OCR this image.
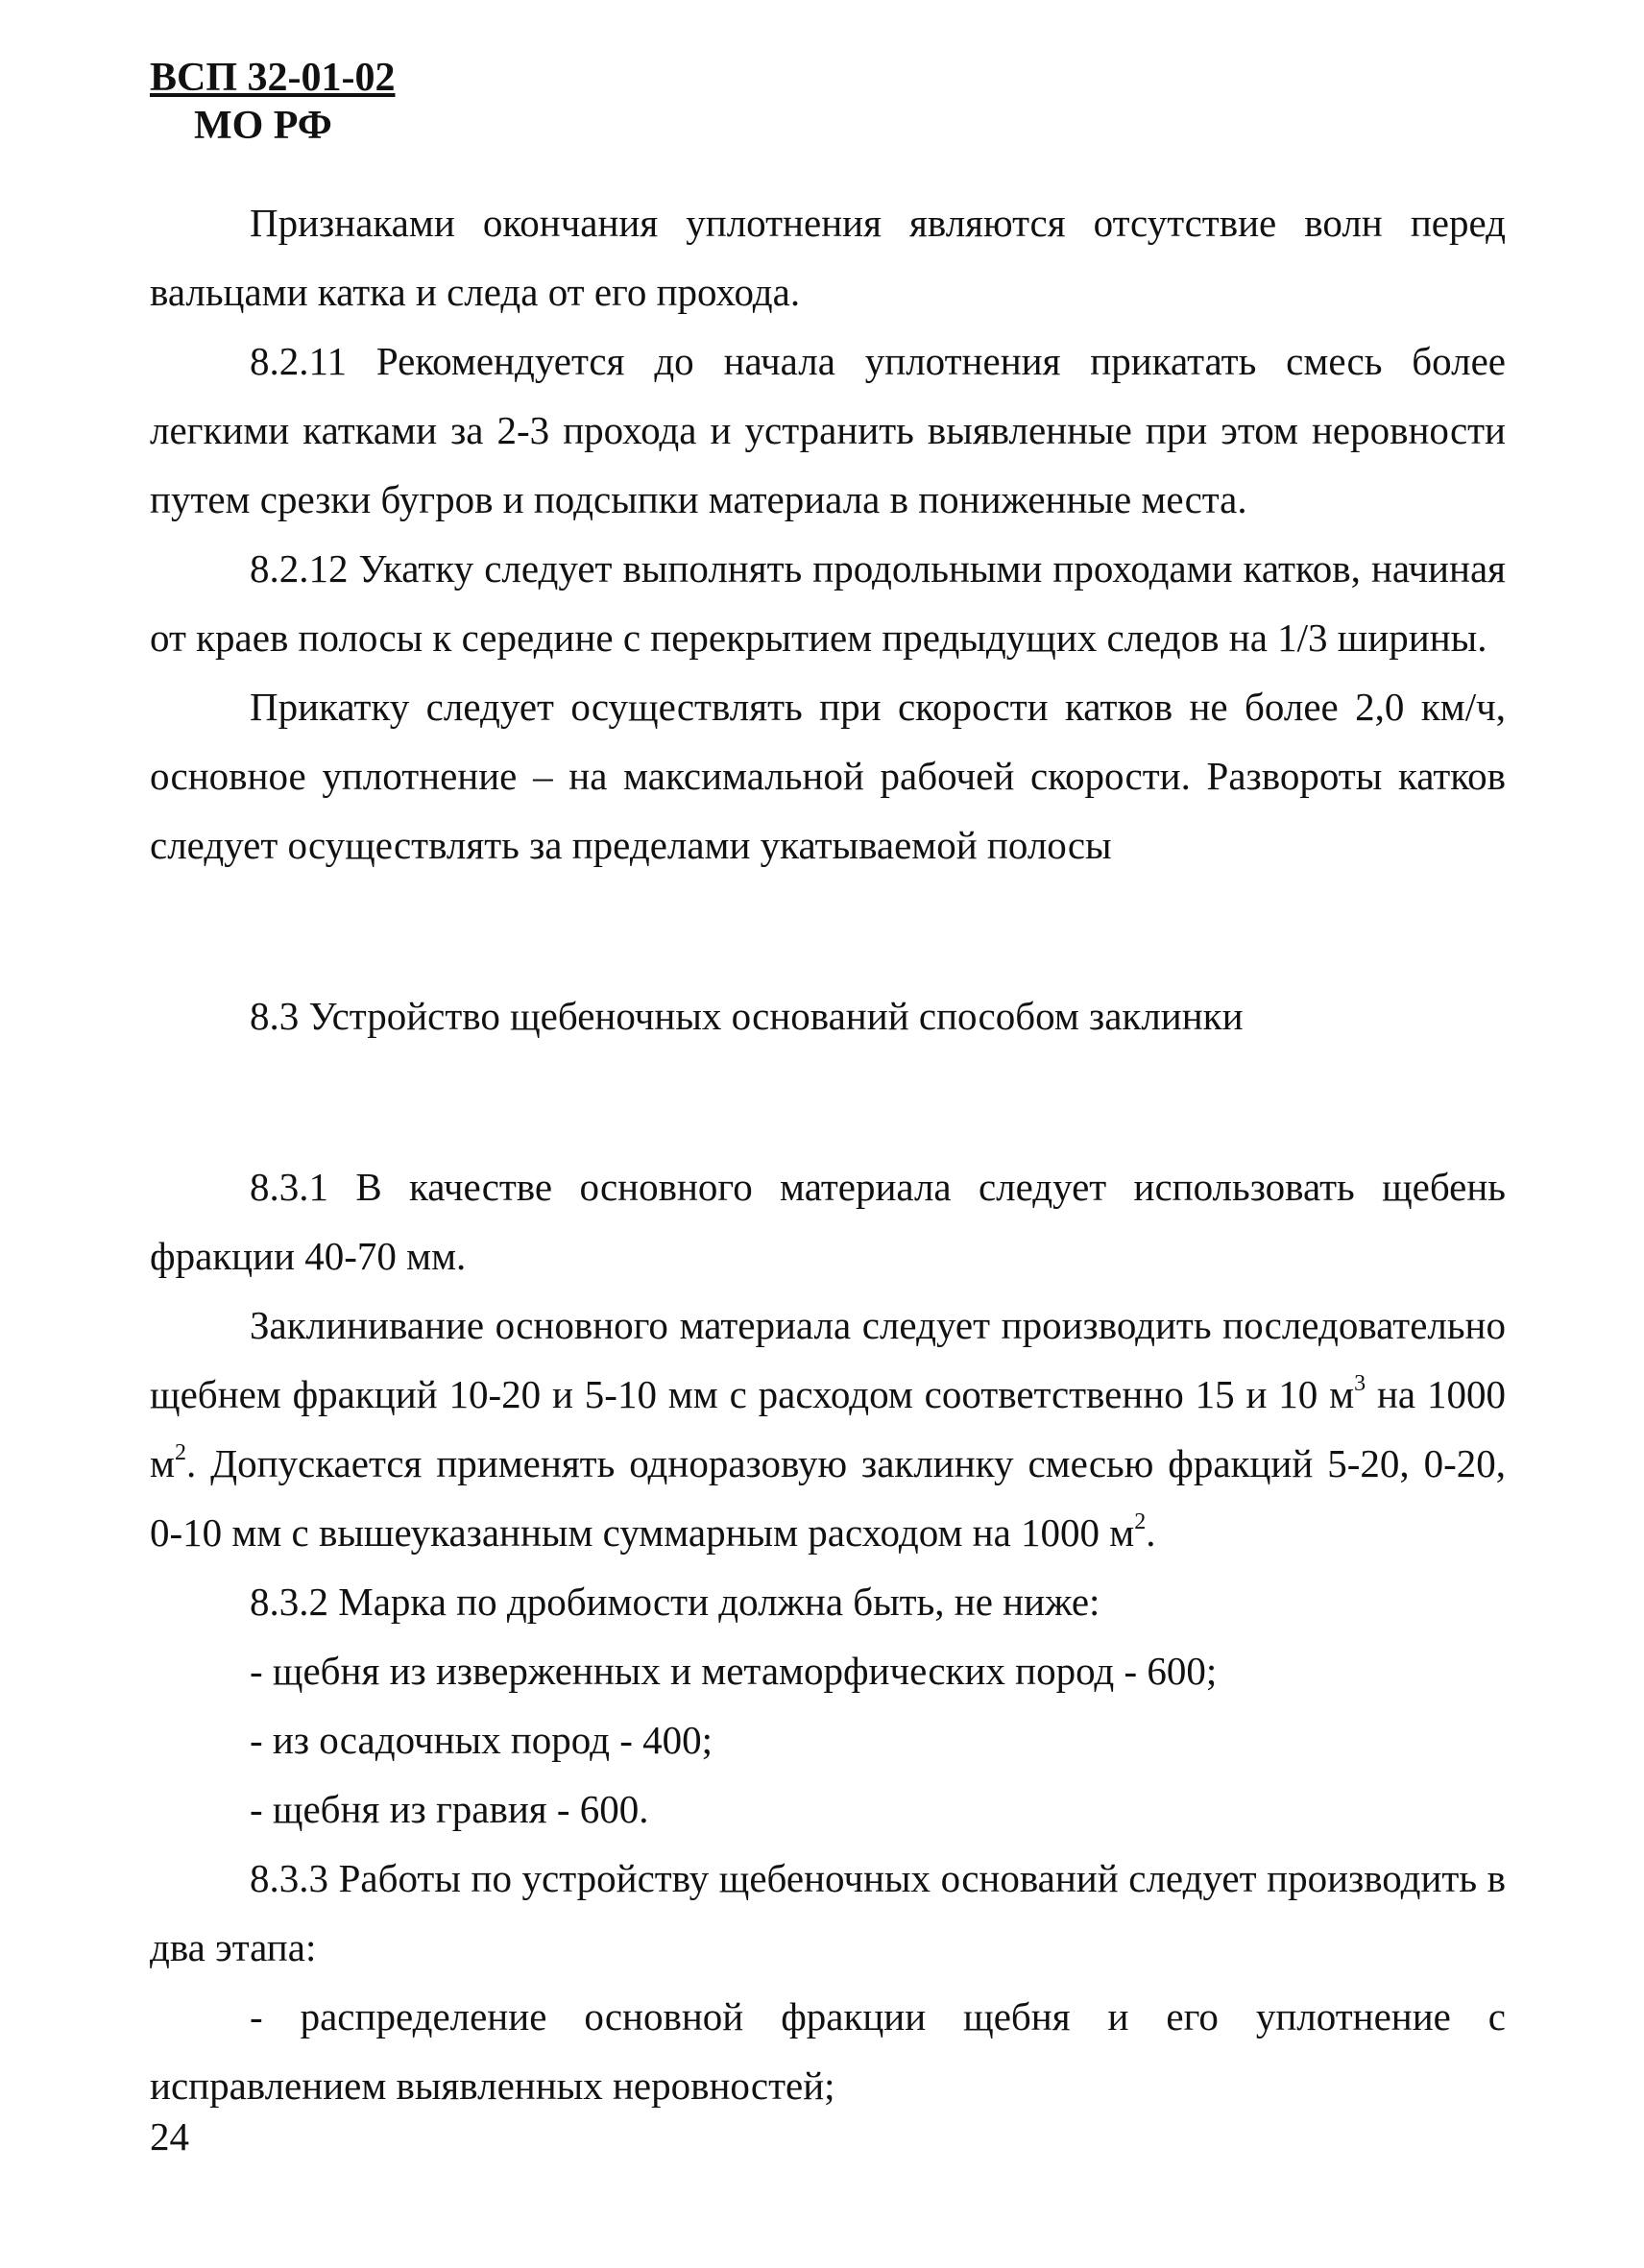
ВСП 32-01-02
МО РФ

Признаками окончания уплотнения являются отсутствие волн перед вальцами катка и следа от его прохода.

8.2.11 Рекомендуется до начала уплотнения прикатать смесь более легкими катками за 2-3 прохода и устранить выявленные при этом неровности путем срезки бугров и подсыпки материала в пониженные места.

8.2.12 Укатку следует выполнять продольными проходами катков, начиная от краев полосы к середине с перекрытием предыдущих следов на 1/3 ширины.

Прикатку следует осуществлять при скорости катков не более 2,0 км/ч, основное уплотнение – на максимальной рабочей скорости. Развороты катков следует осуществлять за пределами укатываемой полосы

8.3 Устройство щебеночных оснований способом заклинки

8.3.1 В качестве основного материала следует использовать щебень фракции 40-70 мм.

Заклинивание основного материала следует производить последовательно щебнем фракций 10-20 и 5-10 мм с расходом соответственно 15 и 10 $м^3$ на 1000 $м^2$. Допускается применять одноразовую заклинку смесью фракций 5-20, 0-20, 0-10 мм с вышеуказанным суммарным расходом на 1000 $м^2$.

8.3.2 Марка по дробимости должна быть, не ниже:

- щебня из изверженных и метаморфических пород - 600;

- из осадочных пород - 400;

- щебня из гравия - 600.

8.3.3 Работы по устройству щебеночных оснований следует производить в два этапа:

- распределение основной фракции щебня и его уплотнение с исправлением выявленных неровностей;

24
